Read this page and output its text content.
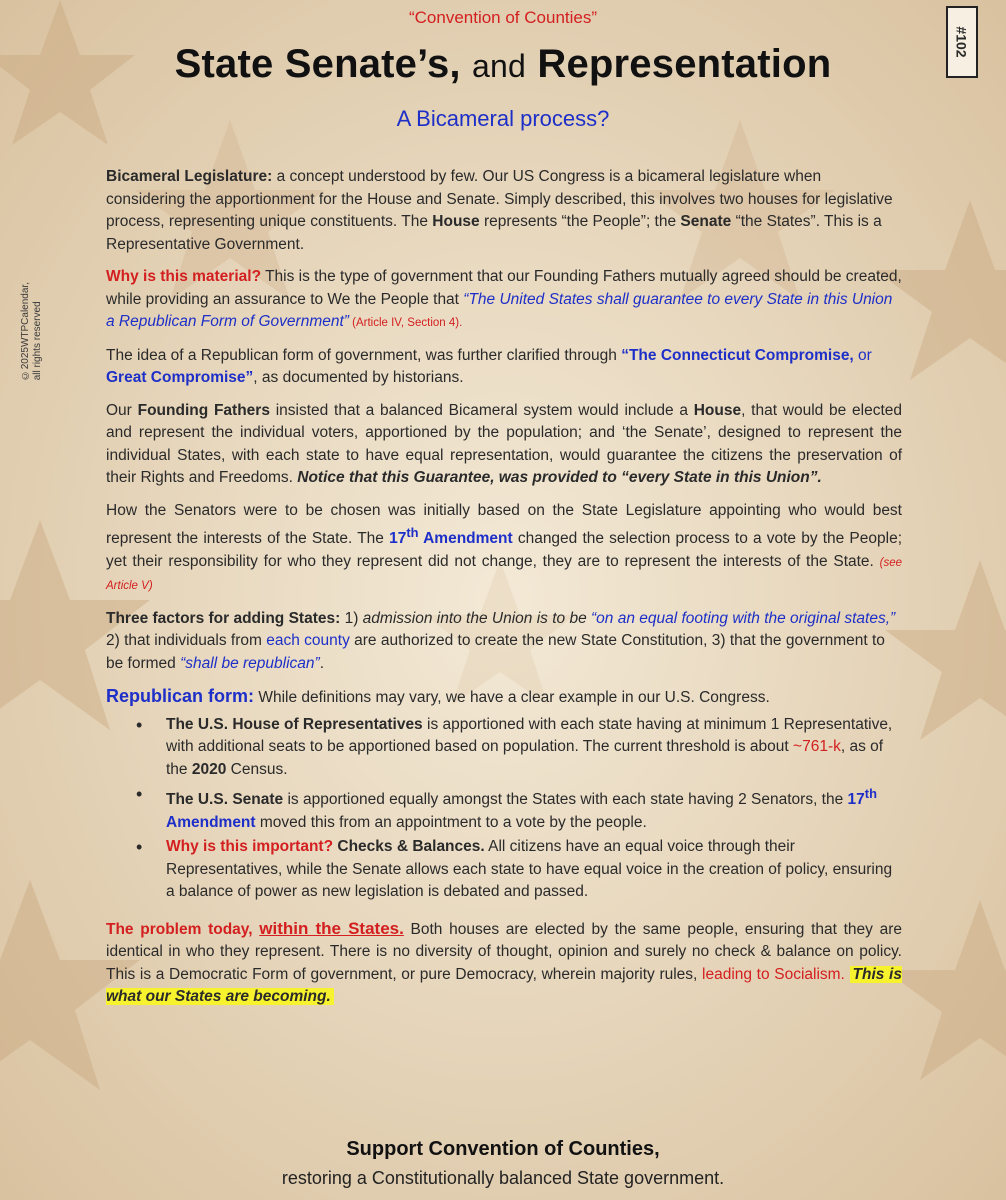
©2025WTPCalendar, all rights reserved
#102
“Convention of Counties”
State Senate’s, and Representation
A Bicameral process?

Bicameral Legislature: a concept understood by few. Our US Congress is a bicameral legislature when considering the apportionment for the House and Senate. Simply described, this involves two houses for legislative process, representing unique constituents. The House represents “the People”; the Senate “the States”. This is a Representative Government.

Why is this material? This is the type of government that our Founding Fathers mutually agreed should be created, while providing an assurance to We the People that “The United States shall guarantee to every State in this Union a Republican Form of Government” (Article IV, Section 4).

The idea of a Republican form of government, was further clarified through “The Connecticut Compromise, or Great Compromise”, as documented by historians.

Our Founding Fathers insisted that a balanced Bicameral system would include a House, that would be elected and represent the individual voters, apportioned by the population; and ‘the Senate’, designed to represent the individual States, with each state to have equal representation, would guarantee the citizens the preservation of their Rights and Freedoms. Notice that this Guarantee, was provided to “every State in this Union”.

How the Senators were to be chosen was initially based on the State Legislature appointing who would best represent the interests of the State. The 17th Amendment changed the selection process to a vote by the People; yet their responsibility for who they represent did not change, they are to represent the interests of the State. (see Article V)

Three factors for adding States: 1) admission into the Union is to be “on an equal footing with the original states,” 2) that individuals from each county are authorized to create the new State Constitution, 3) that the government to be formed “shall be republican”.

Republican form: While definitions may vary, we have a clear example in our U.S. Congress.

• The U.S. House of Representatives is apportioned with each state having at minimum 1 Representative, with additional seats to be apportioned based on population. The current threshold is about ~761-k, as of the 2020 Census.
• The U.S. Senate is apportioned equally amongst the States with each state having 2 Senators, the 17th Amendment moved this from an appointment to a vote by the people.
• Why is this important? Checks & Balances. All citizens have an equal voice through their Representatives, while the Senate allows each state to have equal voice in the creation of policy, ensuring a balance of power as new legislation is debated and passed.

The problem today, within the States. Both houses are elected by the same people, ensuring that they are identical in who they represent. There is no diversity of thought, opinion and surely no check & balance on policy. This is a Democratic Form of government, or pure Democracy, wherein majority rules, leading to Socialism. This is what our States are becoming.

Support Convention of Counties,
restoring a Constitutionally balanced State government.
